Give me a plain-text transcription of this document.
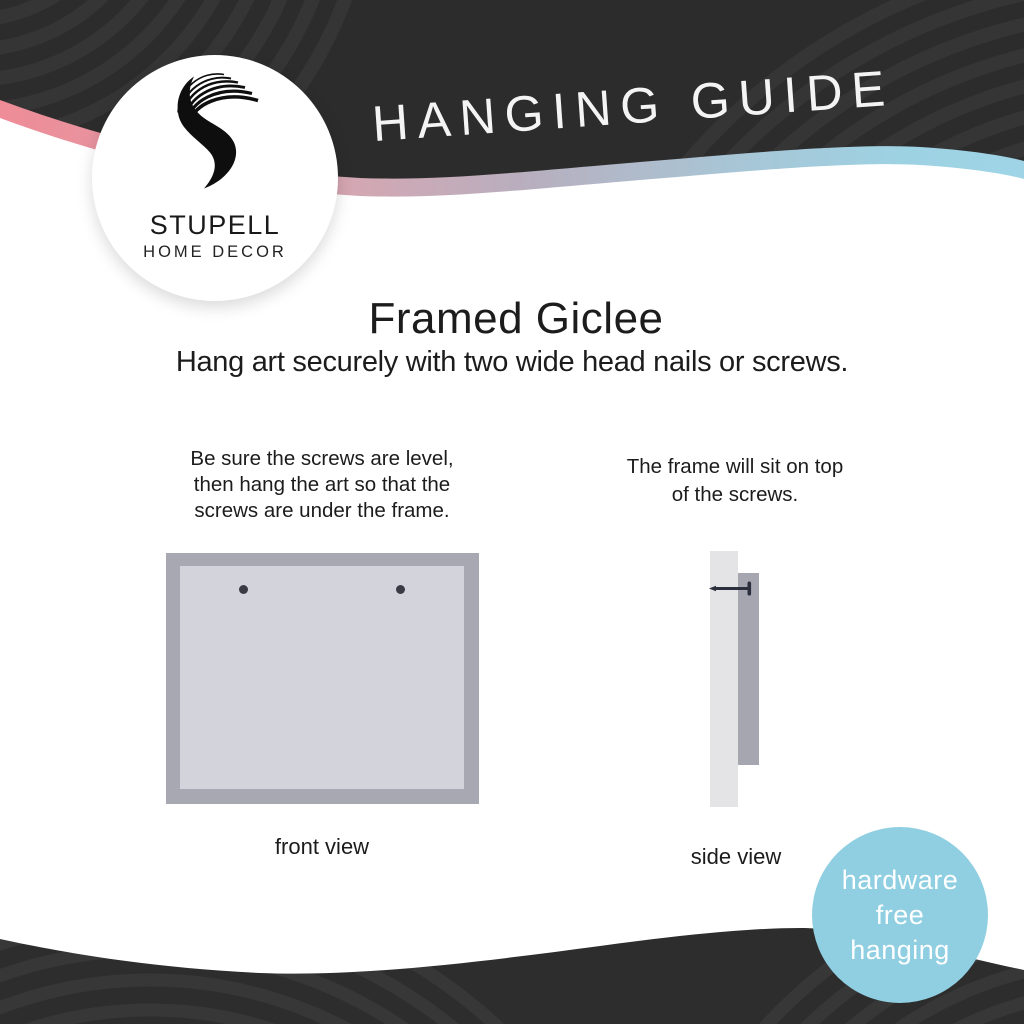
HANGING GUIDE
STUPELL
HOME DECOR
Framed Giclee
Hang art securely with two wide head nails or screws.
Be sure the screws are level,
then hang the art so that the
screws are under the frame.
The frame will sit on top
of the screws.
front view	side view
hardware
free
hanging
